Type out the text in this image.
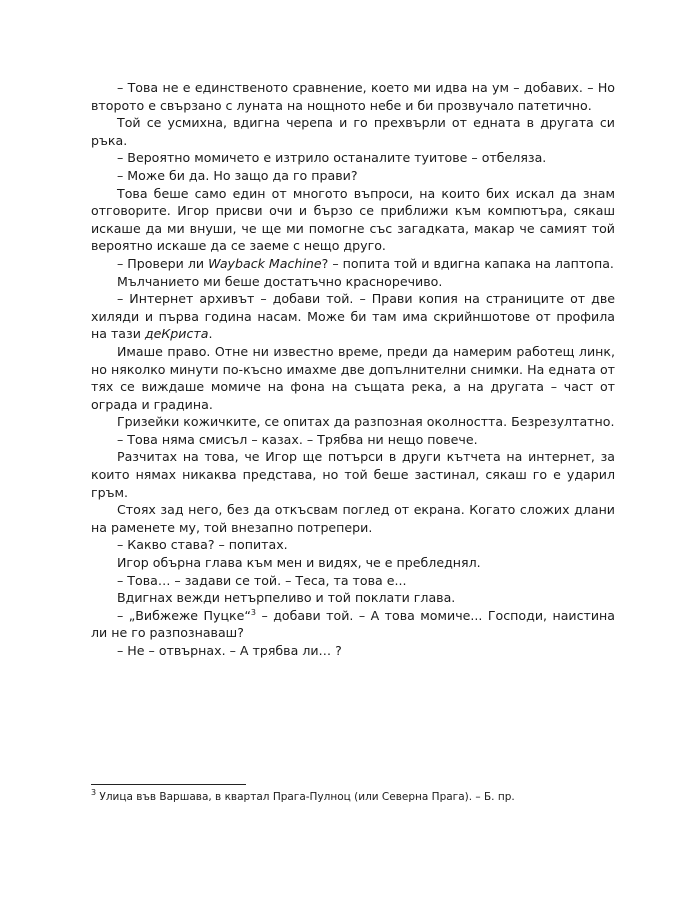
– Това не е единственото сравнение, което ми идва на ум – добавих. – Но второто е свързано с луната на нощното небе и би прозвучало патетично.

Той се усмихна, вдигна черепа и го прехвърли от едната в другата си ръка.

– Вероятно момичето е изтрило останалите туитове – отбеляза.

– Може би да. Но защо да го прави?

Това беше само един от многото въпроси, на които бих искал да знам отговорите. Игор присви очи и бързо се приближи към компютъра, сякаш искаше да ми внуши, че ще ми помогне със загадката, макар че самият той вероятно искаше да се заеме с нещо друго.

– Провери ли Wayback Machine? – попита той и вдигна капака на лаптопа.

Мълчанието ми беше достатъчно красноречиво.

– Интернет архивът – добави той. – Прави копия на страниците от две хиляди и първа година насам. Може би там има скрийншотове от профила на тази деКриста.

Имаше право. Отне ни известно време, преди да намерим работещ линк, но няколко минути по-късно имахме две допълнителни снимки. На едната от тях се виждаше момиче на фона на същата река, а на другата – част от ограда и градина.

Гризейки кожичките, се опитах да разпозная околността. Безрезултатно.

– Това няма смисъл – казах. – Трябва ни нещо повече.

Разчитах на това, че Игор ще потърси в други кътчета на интернет, за които нямах никаква представа, но той беше застинал, сякаш го е ударил гръм.

Стоях зад него, без да откъсвам поглед от екрана. Когато сложих длани на раменете му, той внезапно потрепери.

– Какво става? – попитах.

Игор обърна глава към мен и видях, че е пребледнял.

– Това… – задави се той. – Теса, та това е...

Вдигнах вежди нетърпеливо и той поклати глава.

– „Вибжеже Пуцке“$^3$ – добави той. – А това момиче... Господи, наистина ли не го разпознаваш?

– Не – отвърнах. – А трябва ли… ?

$^3$ Улица във Варшава, в квартал Прага-Пулноц (или Северна Прага). – Б. пр.
